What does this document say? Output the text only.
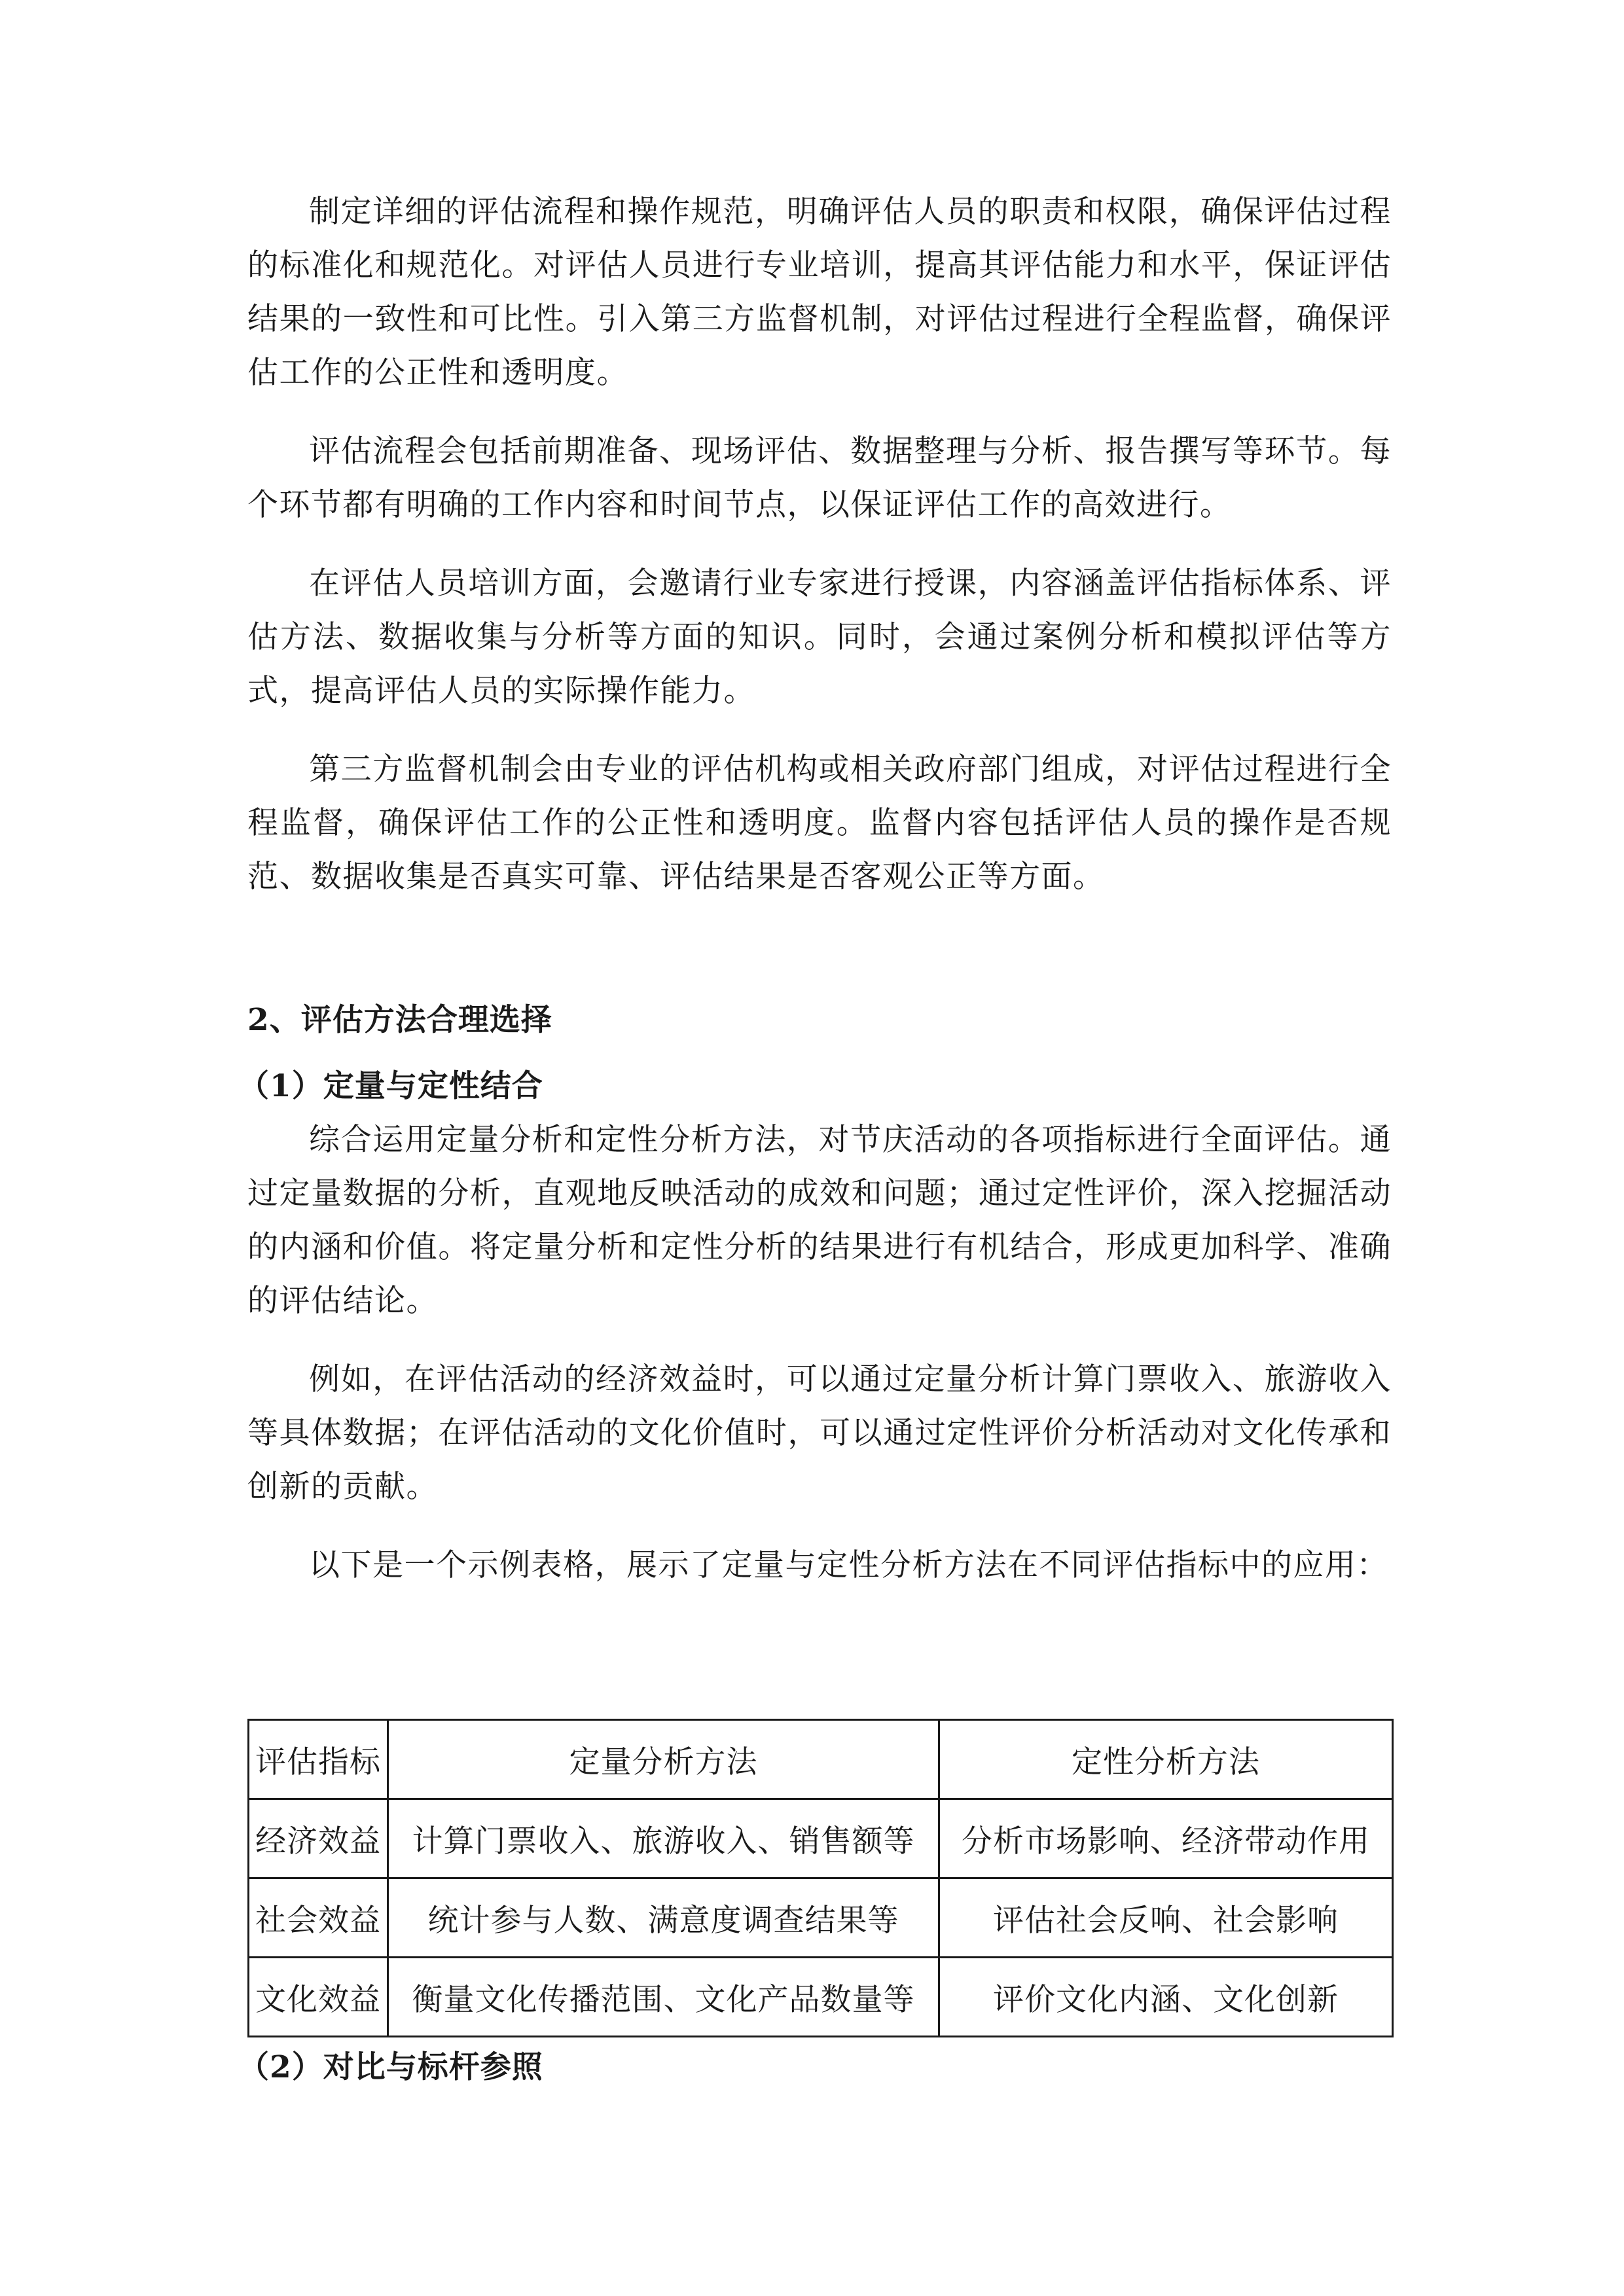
制定详细的评估流程和操作规范，明确评估人员的职责和权限，确保评估过程的标准化和规范化。对评估人员进行专业培训，提高其评估能力和水平，保证评估结果的一致性和可比性。引入第三方监督机制，对评估过程进行全程监督，确保评估工作的公正性和透明度。

评估流程会包括前期准备、现场评估、数据整理与分析、报告撰写等环节。每个环节都有明确的工作内容和时间节点，以保证评估工作的高效进行。

在评估人员培训方面，会邀请行业专家进行授课，内容涵盖评估指标体系、评估方法、数据收集与分析等方面的知识。同时，会通过案例分析和模拟评估等方式，提高评估人员的实际操作能力。

第三方监督机制会由专业的评估机构或相关政府部门组成，对评估过程进行全程监督，确保评估工作的公正性和透明度。监督内容包括评估人员的操作是否规范、数据收集是否真实可靠、评估结果是否客观公正等方面。

2、评估方法合理选择
（1）定量与定性结合

综合运用定量分析和定性分析方法，对节庆活动的各项指标进行全面评估。通过定量数据的分析，直观地反映活动的成效和问题；通过定性评价，深入挖掘活动的内涵和价值。将定量分析和定性分析的结果进行有机结合，形成更加科学、准确的评估结论。

例如，在评估活动的经济效益时，可以通过定量分析计算门票收入、旅游收入等具体数据；在评估活动的文化价值时，可以通过定性评价分析活动对文化传承和创新的贡献。

以下是一个示例表格，展示了定量与定性分析方法在不同评估指标中的应用：

评估指标	定量分析方法	定性分析方法
经济效益	计算门票收入、旅游收入、销售额等	分析市场影响、经济带动作用
社会效益	统计参与人数、满意度调查结果等	评估社会反响、社会影响
文化效益	衡量文化传播范围、文化产品数量等	评价文化内涵、文化创新
（2）对比与标杆参照
